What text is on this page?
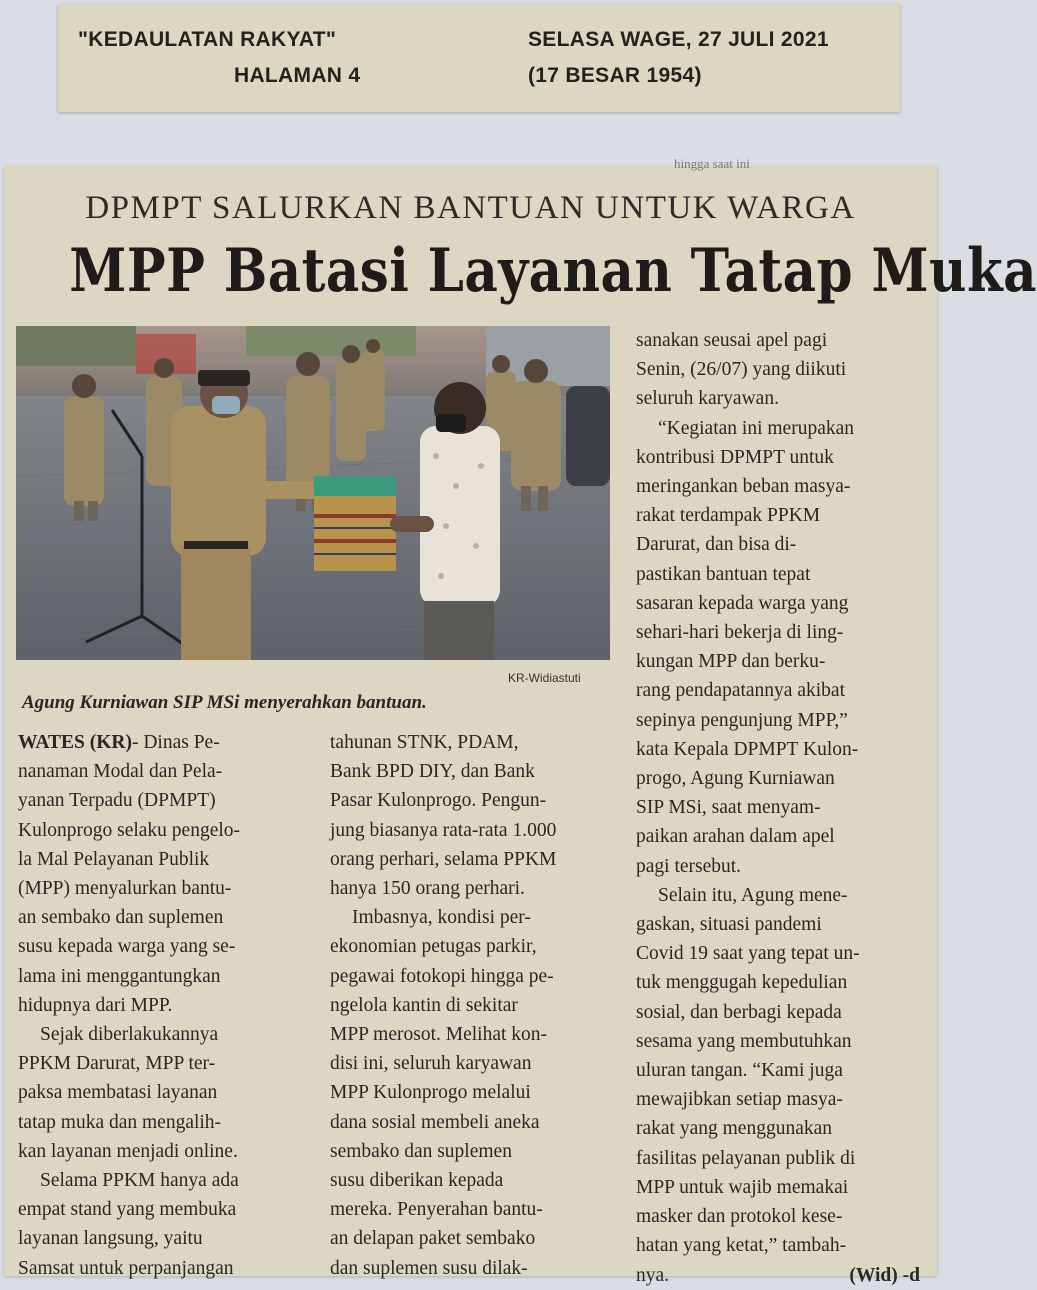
"KEDAULATAN RAKYAT"
HALAMAN 4
SELASA WAGE, 27 JULI 2021
(17 BESAR 1954)
hingga saat ini
DPMPT SALURKAN BANTUAN UNTUK WARGA
MPP Batasi Layanan Tatap Muka
KR-Widiastuti
Agung Kurniawan SIP MSi menyerahkan bantuan.
WATES (KR) - Dinas Pe-
nanaman Modal dan Pela-
yanan Terpadu (DPMPT)
Kulonprogo selaku pengelo-
la Mal Pelayanan Publik
(MPP) menyalurkan bantu-
an sembako dan suplemen
susu kepada warga yang se-
lama ini menggantungkan
hidupnya dari MPP.
Sejak diberlakukannya
PPKM Darurat, MPP ter-
paksa membatasi layanan
tatap muka dan mengalih-
kan layanan menjadi online.
Selama PPKM hanya ada
empat stand yang membuka
layanan langsung, yaitu
Samsat untuk perpanjangan
tahunan STNK, PDAM,
Bank BPD DIY, dan Bank
Pasar Kulonprogo. Pengun-
jung biasanya rata-rata 1.000
orang perhari, selama PPKM
hanya 150 orang perhari.
Imbasnya, kondisi per-
ekonomian petugas parkir,
pegawai fotokopi hingga pe-
ngelola kantin di sekitar
MPP merosot. Melihat kon-
disi ini, seluruh karyawan
MPP Kulonprogo melalui
dana sosial membeli aneka
sembako dan suplemen
susu diberikan kepada
mereka. Penyerahan bantu-
an delapan paket sembako
dan suplemen susu dilak-
sanakan seusai apel pagi
Senin, (26/07) yang diikuti
seluruh karyawan.
“Kegiatan ini merupakan
kontribusi DPMPT untuk
meringankan beban masya-
rakat terdampak PPKM
Darurat, dan bisa di-
pastikan bantuan tepat
sasaran kepada warga yang
sehari-hari bekerja di ling-
kungan MPP dan berku-
rang pendapatannya akibat
sepinya pengunjung MPP,”
kata Kepala DPMPT Kulon-
progo, Agung Kurniawan
SIP MSi, saat menyam-
paikan arahan dalam apel
pagi tersebut.
Selain itu, Agung mene-
gaskan, situasi pandemi
Covid 19 saat yang tepat un-
tuk menggugah kepedulian
sosial, dan berbagi kepada
sesama yang membutuhkan
uluran tangan. “Kami juga
mewajibkan setiap masya-
rakat yang menggunakan
fasilitas pelayanan publik di
MPP untuk wajib memakai
masker dan protokol kese-
hatan yang ketat,” tambah-
nya.	(Wid) -d
